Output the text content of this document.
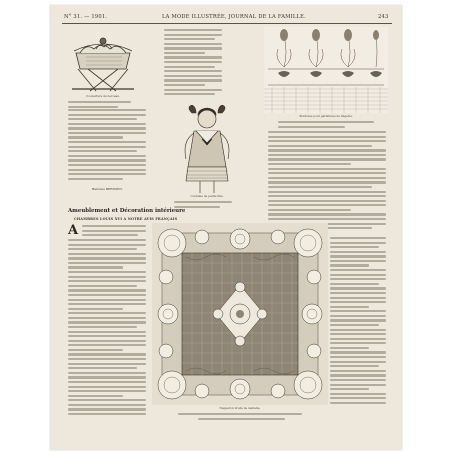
N° 31. — 1901.	LA MODE ILLUSTRÉE, JOURNAL DE LA FAMILLE.	243
Couverture de berceau.
Bordures pour garnitures de lingerie.
Costume de petite fille.
Baronne BERNSEN.
Ameublement et Décoration intérieure
CHAMBRES LOUIS XVI A NOTRE AVIS FRANÇAIS
A
Napperon brodé de dentelle.
